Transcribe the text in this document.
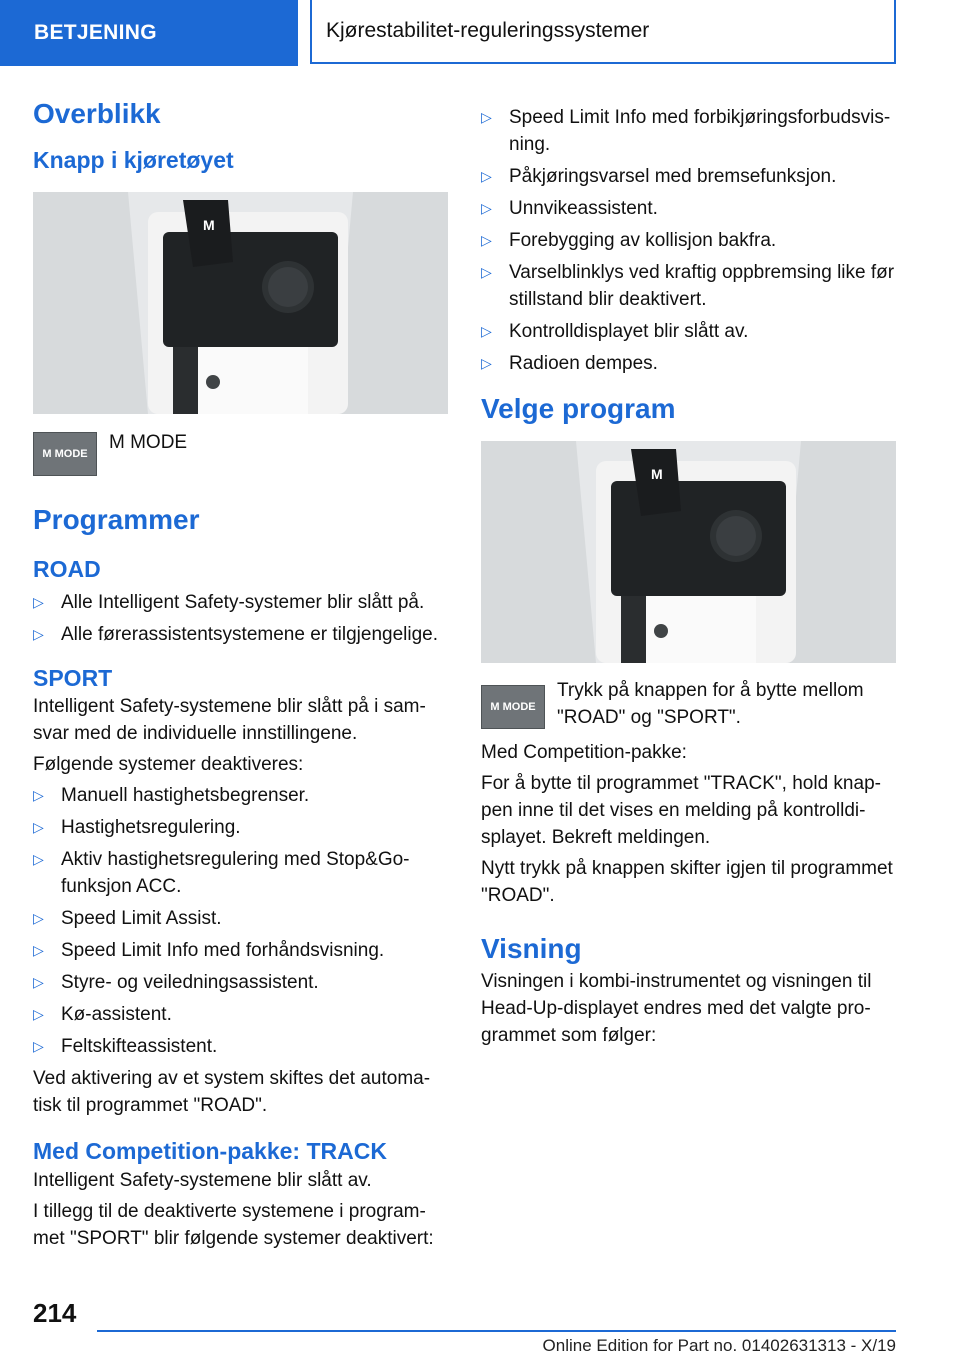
BETJENING	Kjørestabilitet-reguleringssystemer
Overblikk
Knapp i kjøretøyet
M
M MODE

M MODE

Programmer
ROAD
▷ Alle Intelligent Safety-systemer blir slått på.
▷ Alle førerassistentsystemene er tilgjengelige.
SPORT

Intelligent Safety-systemene blir slått på i sam-svar med de individuelle innstillingene.

Følgende systemer deaktiveres:

▷ Manuell hastighetsbegrenser.
▷ Hastighetsregulering.
▷ Aktiv hastighetsregulering med Stop&Go-funksjon ACC.
▷ Speed Limit Assist.
▷ Speed Limit Info med forhåndsvisning.
▷ Styre- og veiledningsassistent.
▷ Kø-assistent.
▷ Feltskifteassistent.

Ved aktivering av et system skiftes det automa-tisk til programmet "ROAD".

Med Competition-pakke: TRACK

Intelligent Safety-systemene blir slått av.

I tillegg til de deaktiverte systemene i program-met "SPORT" blir følgende systemer deaktivert:

▷ Speed Limit Info med forbikjøringsforbudsvis-ning.
▷ Påkjøringsvarsel med bremsefunksjon.
▷ Unnvikeassistent.
▷ Forebygging av kollisjon bakfra.
▷ Varselblinklys ved kraftig oppbremsing like før stillstand blir deaktivert.
▷ Kontrolldisplayet blir slått av.
▷ Radioen dempes.
Velge program
M
M MODE

Trykk på knappen for å bytte mellom "ROAD" og "SPORT".

Med Competition-pakke:

For å bytte til programmet "TRACK", hold knap-pen inne til det vises en melding på kontrolldi-splayet. Bekreft meldingen.

Nytt trykk på knappen skifter igjen til programmet "ROAD".

Visning

Visningen i kombi-instrumentet og visningen til Head-Up-displayet endres med det valgte pro-grammet som følger:

214
Online Edition for Part no. 01402631313 - X/19
